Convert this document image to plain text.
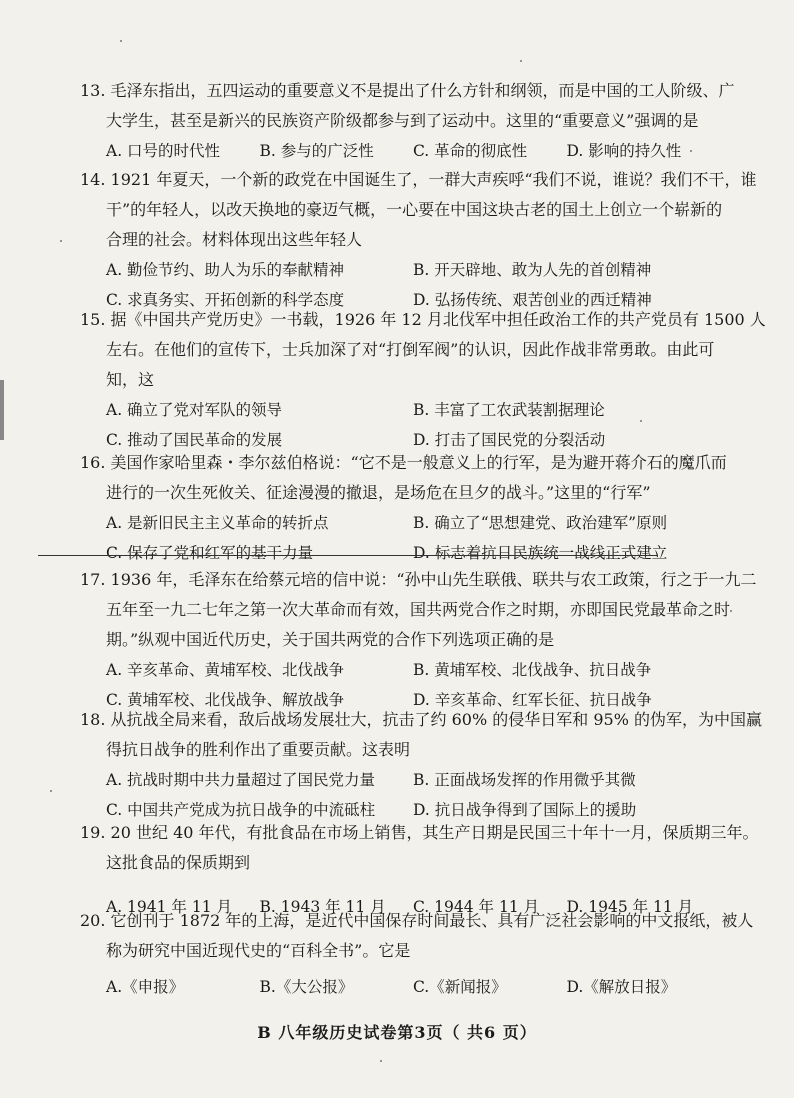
13. 毛泽东指出，五四运动的重要意义不是提出了什么方针和纲领，而是中国的工人阶级、广
大学生，甚至是新兴的民族资产阶级都参与到了运动中。这里的“重要意义”强调的是
A. 口号的时代性	B. 参与的广泛性	C. 革命的彻底性	D. 影响的持久性
14. 1921 年夏天，一个新的政党在中国诞生了，一群大声疾呼“我们不说，谁说？我们不干，谁
干”的年轻人，以改天换地的豪迈气概，一心要在中国这块古老的国土上创立一个崭新的
合理的社会。材料体现出这些年轻人
A. 勤俭节约、助人为乐的奉献精神	B. 开天辟地、敢为人先的首创精神
C. 求真务实、开拓创新的科学态度	D. 弘扬传统、艰苦创业的西迁精神
15. 据《中国共产党历史》一书载，1926 年 12 月北伐军中担任政治工作的共产党员有 1500 人
左右。在他们的宣传下，士兵加深了对“打倒军阀”的认识，因此作战非常勇敢。由此可
知，这
A. 确立了党对军队的领导	B. 丰富了工农武装割据理论
C. 推动了国民革命的发展	D. 打击了国民党的分裂活动
16. 美国作家哈里森・李尔兹伯格说：“它不是一般意义上的行军，是为避开蒋介石的魔爪而
进行的一次生死攸关、征途漫漫的撤退，是场危在旦夕的战斗。”这里的“行军”
A. 是新旧民主主义革命的转折点	B. 确立了“思想建党、政治建军”原则
C. 保存了党和红军的基干力量	D. 标志着抗日民族统一战线正式建立
17. 1936 年，毛泽东在给蔡元培的信中说：“孙中山先生联俄、联共与农工政策，行之于一九二
五年至一九二七年之第一次大革命而有效，国共两党合作之时期，亦即国民党最革命之时
期。”纵观中国近代历史，关于国共两党的合作下列选项正确的是
A. 辛亥革命、黄埔军校、北伐战争	B. 黄埔军校、北伐战争、抗日战争
C. 黄埔军校、北伐战争、解放战争	D. 辛亥革命、红军长征、抗日战争
18. 从抗战全局来看，敌后战场发展壮大，抗击了约 60% 的侵华日军和 95% 的伪军，为中国赢
得抗日战争的胜利作出了重要贡献。这表明
A. 抗战时期中共力量超过了国民党力量	B. 正面战场发挥的作用微乎其微
C. 中国共产党成为抗日战争的中流砥柱	D. 抗日战争得到了国际上的援助
19. 20 世纪 40 年代，有批食品在市场上销售，其生产日期是民国三十年十一月，保质期三年。
这批食品的保质期到
A. 1941 年 11 月	B. 1943 年 11 月	C. 1944 年 11 月	D. 1945 年 11 月
20. 它创刊于 1872 年的上海，是近代中国保存时间最长、具有广泛社会影响的中文报纸，被人
称为研究中国近现代史的“百科全书”。它是
A.《申报》	B.《大公报》	C.《新闻报》	D.《解放日报》
B 八年级历史试卷第3页（ 共6 页）
